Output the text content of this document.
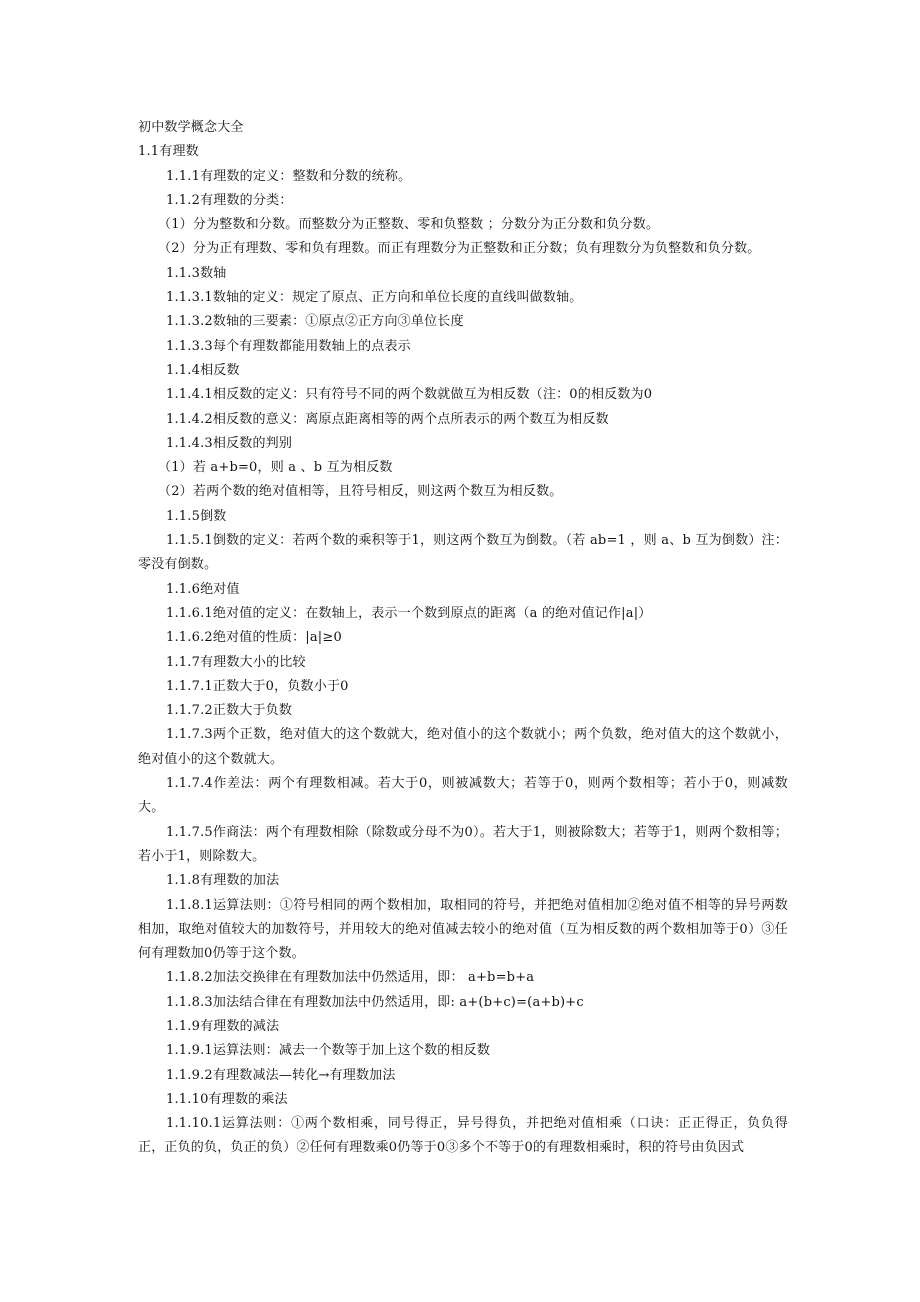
初中数学概念大全
1.1有理数
1.1.1有理数的定义：整数和分数的统称。
1.1.2有理数的分类：
（1）分为整数和分数。而整数分为正整数、零和负整数 ；分数分为正分数和负分数。
（2）分为正有理数、零和负有理数。而正有理数分为正整数和正分数；负有理数分为负整数和负分数。
1.1.3数轴
1.1.3.1数轴的定义：规定了原点、正方向和单位长度的直线叫做数轴。
1.1.3.2数轴的三要素：①原点②正方向③单位长度
1.1.3.3每个有理数都能用数轴上的点表示
1.1.4相反数
1.1.4.1相反数的定义：只有符号不同的两个数就做互为相反数（注：0的相反数为0
1.1.4.2相反数的意义：离原点距离相等的两个点所表示的两个数互为相反数
1.1.4.3相反数的判别
（1）若 a+b=0，则 a 、b 互为相反数
（2）若两个数的绝对值相等，且符号相反，则这两个数互为相反数。
1.1.5倒数
1.1.5.1倒数的定义：若两个数的乘积等于1，则这两个数互为倒数。（若 ab=1 ，则 a、b 互为倒数）注：零没有倒数。
1.1.6绝对值
1.1.6.1绝对值的定义：在数轴上，表示一个数到原点的距离（a 的绝对值记作|a|）
1.1.6.2绝对值的性质：|a|≥0
1.1.7有理数大小的比较
1.1.7.1正数大于0，负数小于0
1.1.7.2正数大于负数
1.1.7.3两个正数，绝对值大的这个数就大，绝对值小的这个数就小；两个负数，绝对值大的这个数就小，绝对值小的这个数就大。
1.1.7.4作差法：两个有理数相减。若大于0，则被减数大；若等于0，则两个数相等；若小于0，则减数大。
1.1.7.5作商法：两个有理数相除（除数或分母不为0）。若大于1，则被除数大；若等于1，则两个数相等；若小于1，则除数大。
1.1.8有理数的加法
1.1.8.1运算法则：①符号相同的两个数相加，取相同的符号，并把绝对值相加②绝对值不相等的异号两数相加，取绝对值较大的加数符号，并用较大的绝对值减去较小的绝对值（互为相反数的两个数相加等于0）③任何有理数加0仍等于这个数。
1.1.8.2加法交换律在有理数加法中仍然适用，即： a+b=b+a
1.1.8.3加法结合律在有理数加法中仍然适用，即: a+(b+c)=(a+b)+c
1.1.9有理数的减法
1.1.9.1运算法则：减去一个数等于加上这个数的相反数
1.1.9.2有理数减法—转化→有理数加法
1.1.10有理数的乘法
1.1.10.1运算法则：①两个数相乘，同号得正，异号得负，并把绝对值相乘（口诀：正正得正，负负得正，正负的负，负正的负）②任何有理数乘0仍等于0③多个不等于0的有理数相乘时，积的符号由负因式
